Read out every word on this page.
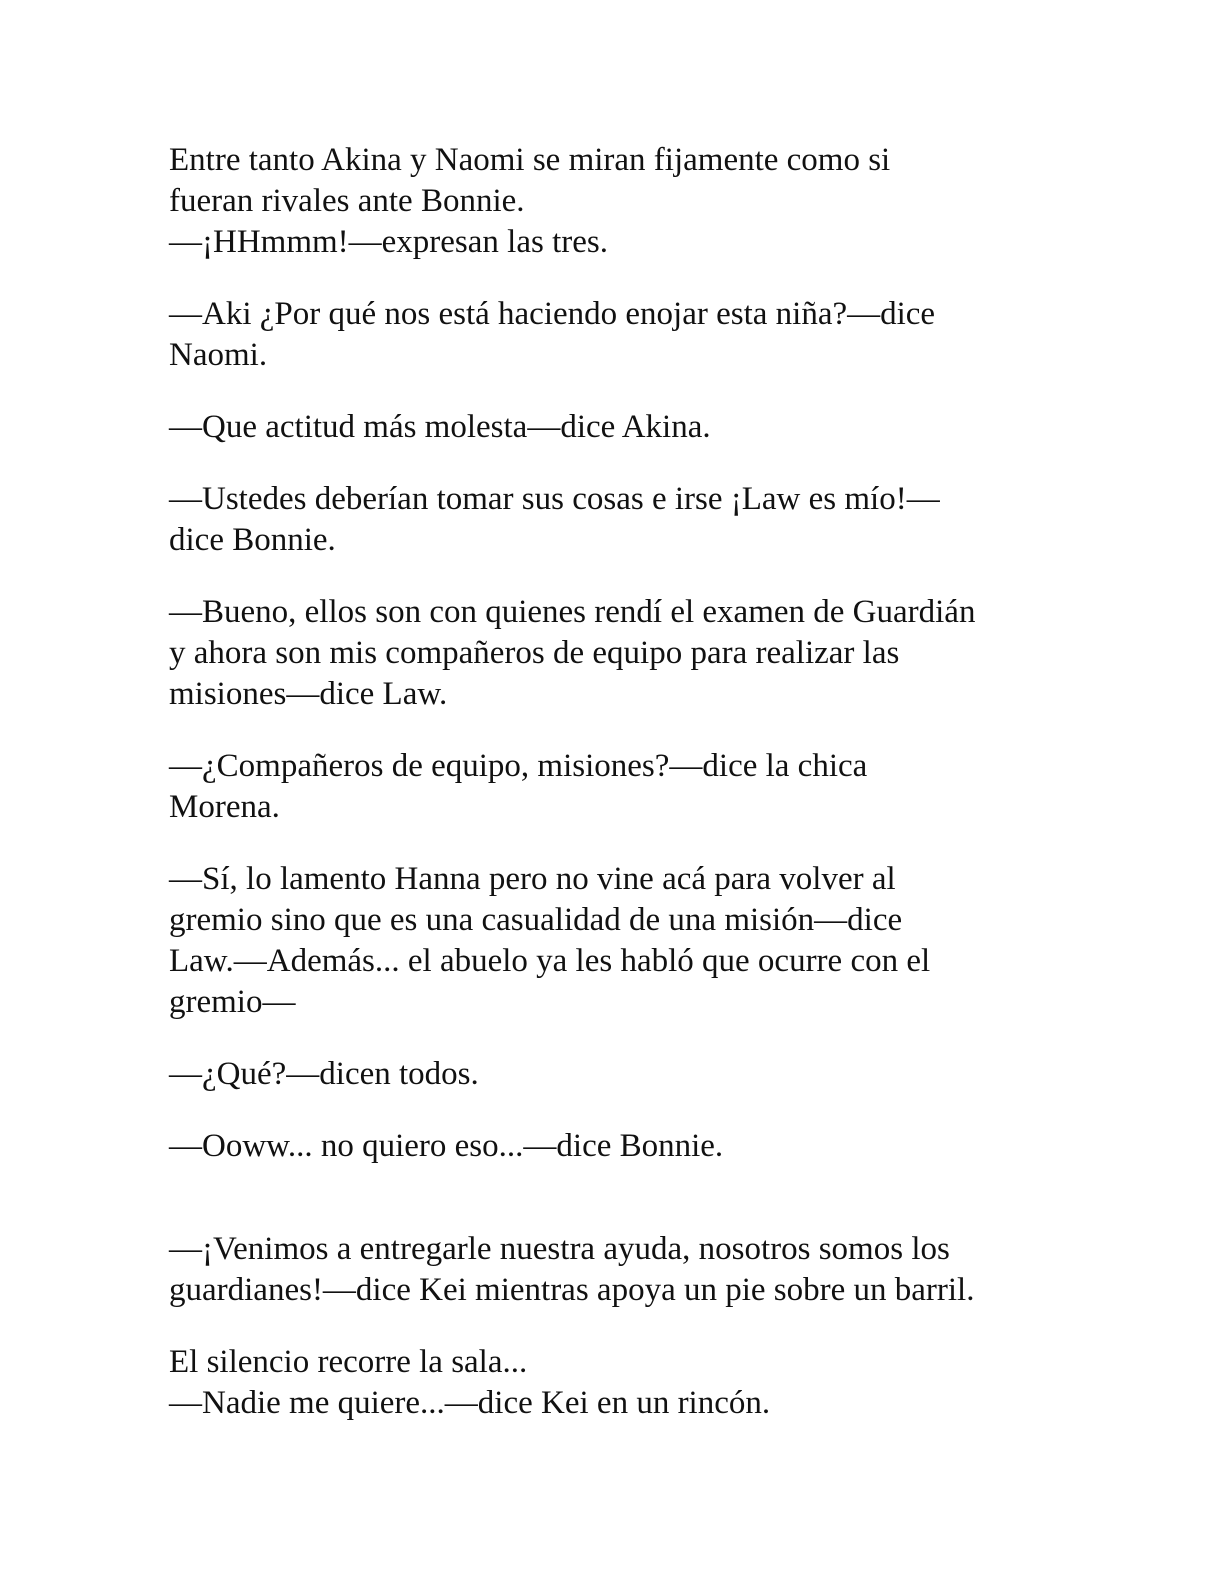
Entre tanto Akina y Naomi se miran fijamente como si
fueran rivales ante Bonnie.
—¡HHmmm!—expresan las tres.

—Aki ¿Por qué nos está haciendo enojar esta niña?—dice
Naomi.

—Que actitud más molesta—dice Akina.

—Ustedes deberían tomar sus cosas e irse ¡Law es mío!—
dice Bonnie.

—Bueno, ellos son con quienes rendí el examen de Guardián
y ahora son mis compañeros de equipo para realizar las
misiones—dice Law.

—¿Compañeros de equipo, misiones?—dice la chica
Morena.

—Sí, lo lamento Hanna pero no vine acá para volver al
gremio sino que es una casualidad de una misión—dice
Law.—Además... el abuelo ya les habló que ocurre con el
gremio—

—¿Qué?—dicen todos.

—Ooww... no quiero eso...—dice Bonnie.

—¡Venimos a entregarle nuestra ayuda, nosotros somos los
guardianes!—dice Kei mientras apoya un pie sobre un barril.

El silencio recorre la sala...
—Nadie me quiere...—dice Kei en un rincón.
